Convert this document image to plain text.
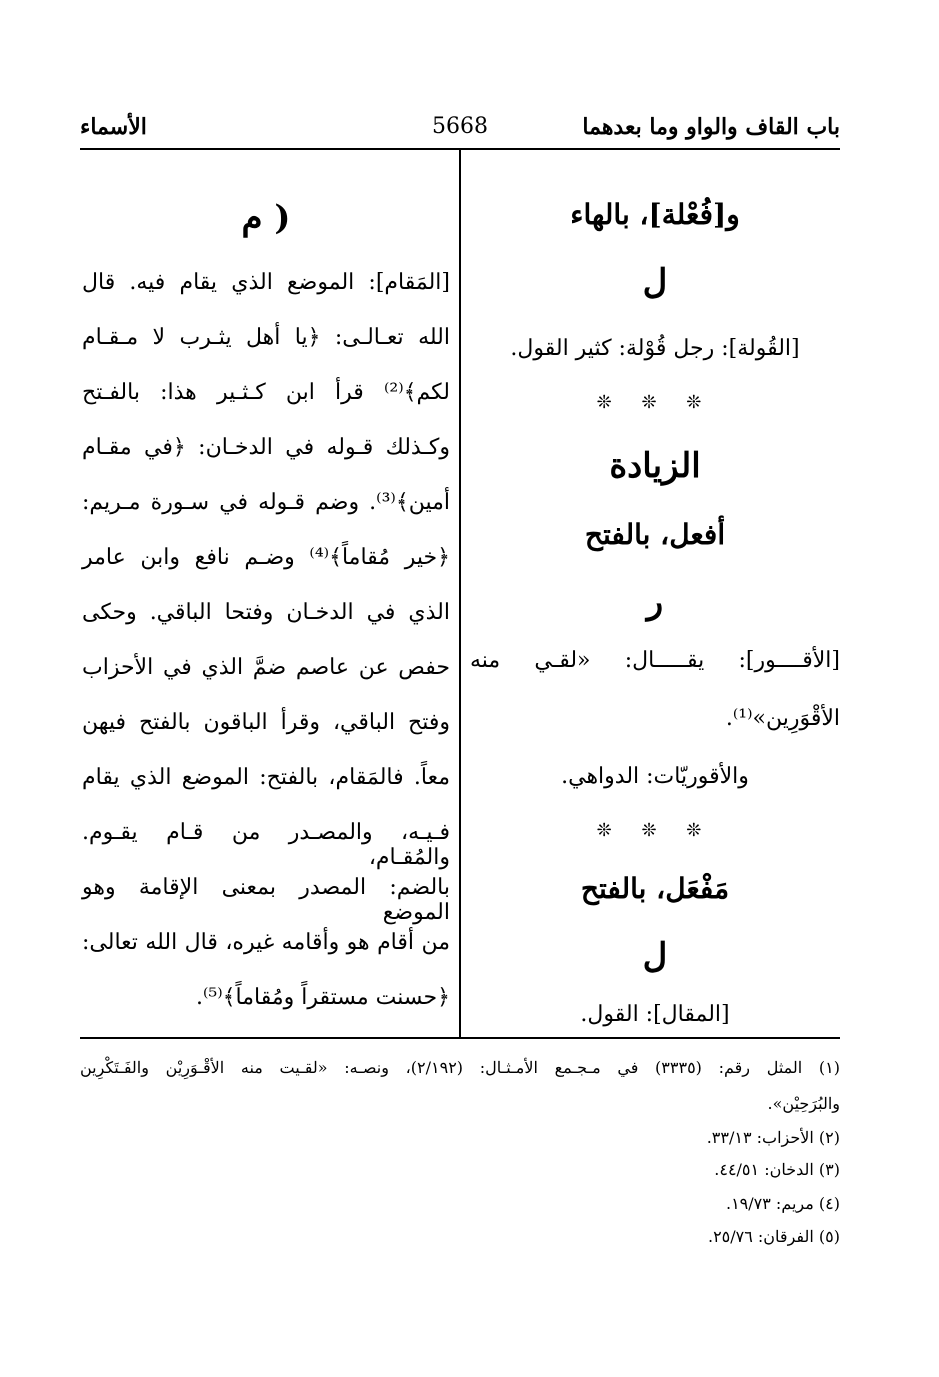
باب القاف والواو وما بعدهما
5668
الأسماء
و[فُعْلة]، بالهاء
ل
[القُولة]: رجل قُوْلة: كثير القول.
❊ ❊ ❊
الزيادة
أفعل، بالفتح
ر
[الأقــــور]: يقـــــال: «لقـي منه
الأقْوَرِين»⁽¹⁾.
والأقوريّات: الدواهي.
❊ ❊ ❊
مَفْعَل، بالفتح
ل
[المقال]: القول.
( م
[المَقام]: الموضع الذي يقام فيه. قال
الله تعـالـى: ﴿يا أهل يثـرب لا مـقـام
لكم﴾⁽²⁾ قرأ ابن كـثـير هذا: بالفـتح
وكـذلك قـوله في الدخـان: ﴿في مقـام
أمين﴾⁽³⁾. وضم قـوله في سـورة مـريم:
﴿خير مُقاماً﴾⁽⁴⁾ وضـم نافع وابن عامر
الذي في الدخـان وفتحا الباقي. وحكى
حفص عن عاصم ضمَّ الذي في الأحزاب
وفتح الباقي، وقرأ الباقون بالفتح فيهن
معاً. فالمَقام، بالفتح: الموضع الذي يقام
فـيـه، والمصـدر من قـام يقـوم. والمُقـام،
بالضم: المصدر بمعنى الإقامة وهو الموضع
من أقام هو وأقامه غيره، قال الله تعالى:
﴿حسنت مستقراً ومُقاماً﴾⁽⁵⁾.
(١) المثل رقم: (٣٣٣٥) في مـجـمع الأمـثـال: (٢/١٩٢)، ونصـه: «لقـيت منه الأقْـوَرِيْن والفَـتَكْرِين
والبُرَحِيْن».
(٢) الأحزاب: ٣٣/١٣.
(٣) الدخان: ٤٤/٥١.
(٤) مريم: ١٩/٧٣.
(٥) الفرقان: ٢٥/٧٦.
